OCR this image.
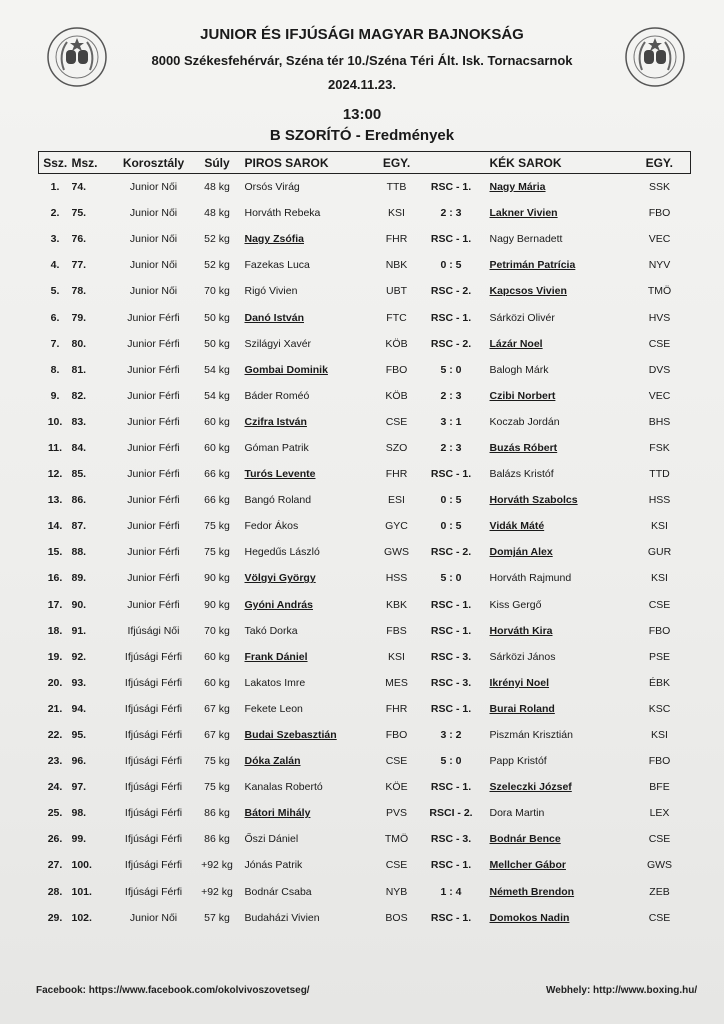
JUNIOR ÉS IFJÚSÁGI MAGYAR BAJNOKSÁG
8000 Székesfehérvár, Széna tér 10./Széna Téri Ált. Isk. Tornacsarnok
2024.11.23.
13:00
B SZORÍTÓ - Eredmények
Ssz.	Msz.	Korosztály	Súly	PIROS SAROK	EGY.		KÉK SAROK	EGY.
1.	74.	Junior Női	48 kg	Orsós Virág	TTB	RSC - 1.	Nagy Mária	SSK
2.	75.	Junior Női	48 kg	Horváth Rebeka	KSI	2 : 3	Lakner Vivien	FBO
3.	76.	Junior Női	52 kg	Nagy Zsófia	FHR	RSC - 1.	Nagy Bernadett	VEC
4.	77.	Junior Női	52 kg	Fazekas Luca	NBK	0 : 5	Petrimán Patrícia	NYV
5.	78.	Junior Női	70 kg	Rigó Vivien	UBT	RSC - 2.	Kapcsos Vivien	TMÖ
6.	79.	Junior Férfi	50 kg	Danó István	FTC	RSC - 1.	Sárközi Olivér	HVS
7.	80.	Junior Férfi	50 kg	Szilágyi Xavér	KÖB	RSC - 2.	Lázár Noel	CSE
8.	81.	Junior Férfi	54 kg	Gombai Dominik	FBO	5 : 0	Balogh Márk	DVS
9.	82.	Junior Férfi	54 kg	Báder Roméó	KÖB	2 : 3	Czibi Norbert	VEC
10.	83.	Junior Férfi	60 kg	Czifra István	CSE	3 : 1	Koczab Jordán	BHS
11.	84.	Junior Férfi	60 kg	Góman Patrik	SZO	2 : 3	Buzás Róbert	FSK
12.	85.	Junior Férfi	66 kg	Turós Levente	FHR	RSC - 1.	Balázs Kristóf	TTD
13.	86.	Junior Férfi	66 kg	Bangó Roland	ESI	0 : 5	Horváth Szabolcs	HSS
14.	87.	Junior Férfi	75 kg	Fedor Ákos	GYC	0 : 5	Vidák Máté	KSI
15.	88.	Junior Férfi	75 kg	Hegedűs László	GWS	RSC - 2.	Domján Alex	GUR
16.	89.	Junior Férfi	90 kg	Völgyi György	HSS	5 : 0	Horváth Rajmund	KSI
17.	90.	Junior Férfi	90 kg	Gyóni András	KBK	RSC - 1.	Kiss Gergő	CSE
18.	91.	Ifjúsági Női	70 kg	Takó Dorka	FBS	RSC - 1.	Horváth Kira	FBO
19.	92.	Ifjúsági Férfi	60 kg	Frank Dániel	KSI	RSC - 3.	Sárközi János	PSE
20.	93.	Ifjúsági Férfi	60 kg	Lakatos Imre	MES	RSC - 3.	Ikrényi Noel	ÉBK
21.	94.	Ifjúsági Férfi	67 kg	Fekete Leon	FHR	RSC - 1.	Burai Roland	KSC
22.	95.	Ifjúsági Férfi	67 kg	Budai Szebasztián	FBO	3 : 2	Piszmán Krisztián	KSI
23.	96.	Ifjúsági Férfi	75 kg	Dóka Zalán	CSE	5 : 0	Papp Kristóf	FBO
24.	97.	Ifjúsági Férfi	75 kg	Kanalas Robertó	KÖE	RSC - 1.	Szeleczki József	BFE
25.	98.	Ifjúsági Férfi	86 kg	Bátori Mihály	PVS	RSCI - 2.	Dora Martin	LEX
26.	99.	Ifjúsági Férfi	86 kg	Őszi Dániel	TMÖ	RSC - 3.	Bodnár Bence	CSE
27.	100.	Ifjúsági Férfi	+92 kg	Jónás Patrik	CSE	RSC - 1.	Mellcher Gábor	GWS
28.	101.	Ifjúsági Férfi	+92 kg	Bodnár Csaba	NYB	1 : 4	Németh Brendon	ZEB
29.	102.	Junior Női	57 kg	Budaházi Vivien	BOS	RSC - 1.	Domokos Nadin	CSE
Facebook: https://www.facebook.com/okolvivoszovetseg/	Webhely: http://www.boxing.hu/
